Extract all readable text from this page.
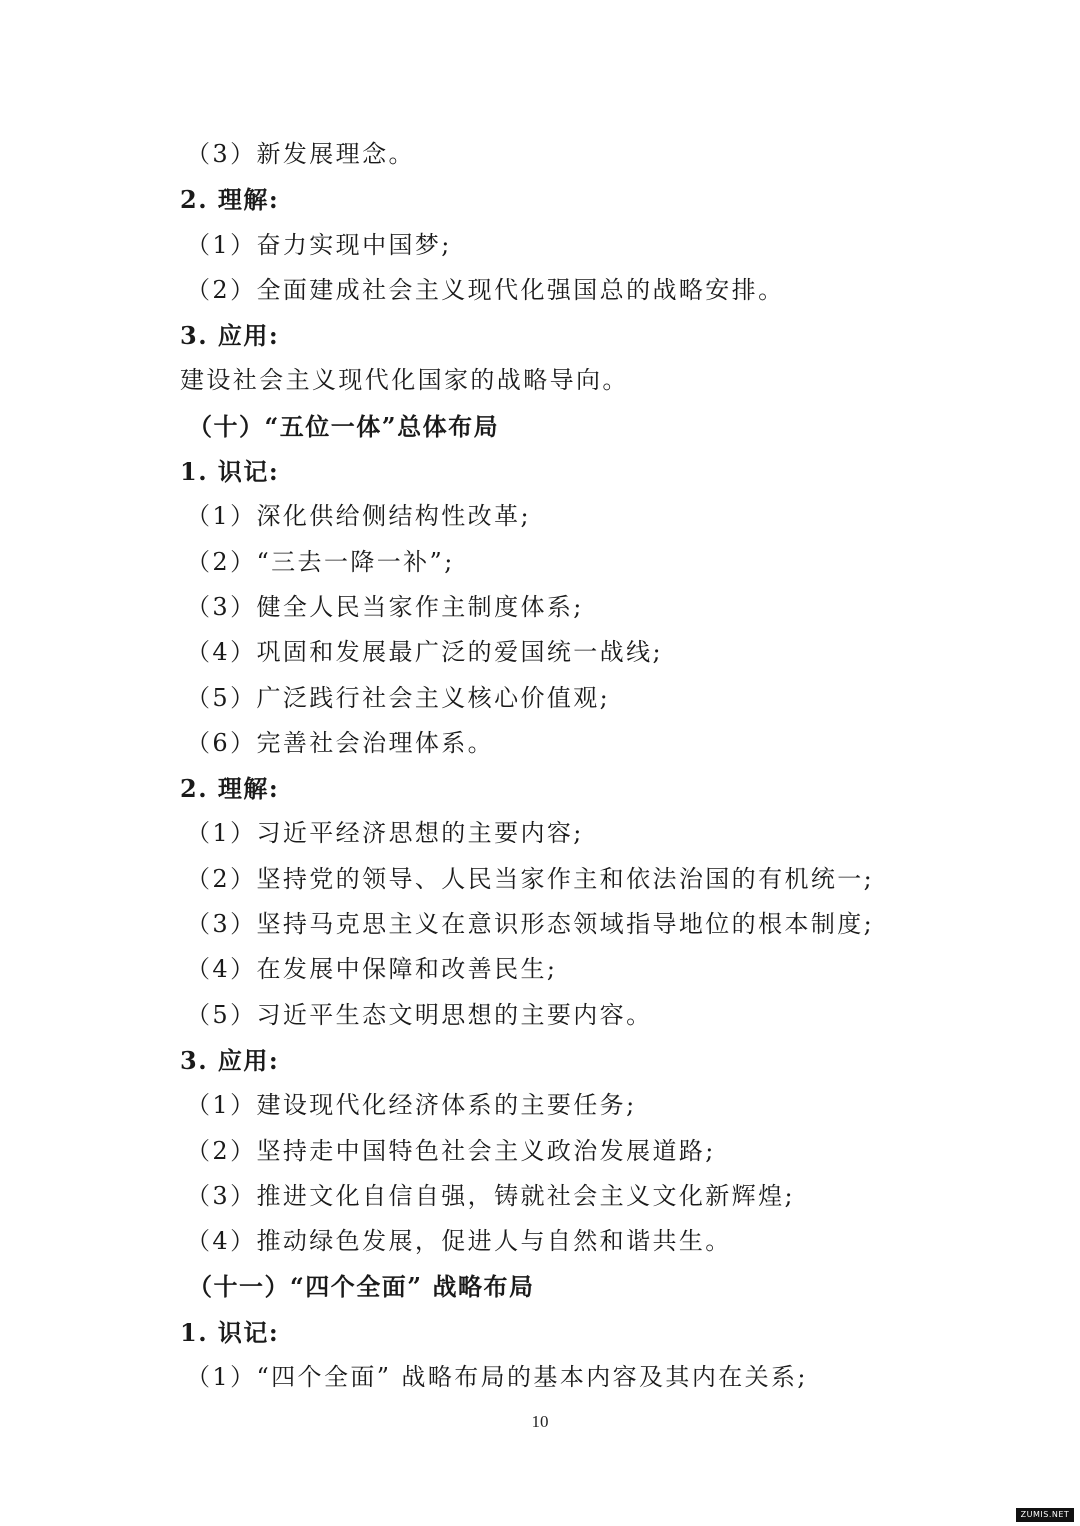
（3）新发展理念。
2. 理解:
（1）奋力实现中国梦;
（2）全面建成社会主义现代化强国总的战略安排。
3. 应用:
建设社会主义现代化国家的战略导向。
（十）“五位一体”总体布局
1. 识记:
（1）深化供给侧结构性改革;
（2）“三去一降一补”;
（3）健全人民当家作主制度体系;
（4）巩固和发展最广泛的爱国统一战线;
（5）广泛践行社会主义核心价值观;
（6）完善社会治理体系。
2. 理解:
（1）习近平经济思想的主要内容;
（2）坚持党的领导、人民当家作主和依法治国的有机统一;
（3）坚持马克思主义在意识形态领域指导地位的根本制度;
（4）在发展中保障和改善民生;
（5）习近平生态文明思想的主要内容。
3. 应用:
（1）建设现代化经济体系的主要任务;
（2）坚持走中国特色社会主义政治发展道路;
（3）推进文化自信自强，铸就社会主义文化新辉煌;
（4）推动绿色发展，促进人与自然和谐共生。
（十一）“四个全面” 战略布局
1. 识记:
（1）“四个全面” 战略布局的基本内容及其内在关系;
10
ZUMIS.NET
